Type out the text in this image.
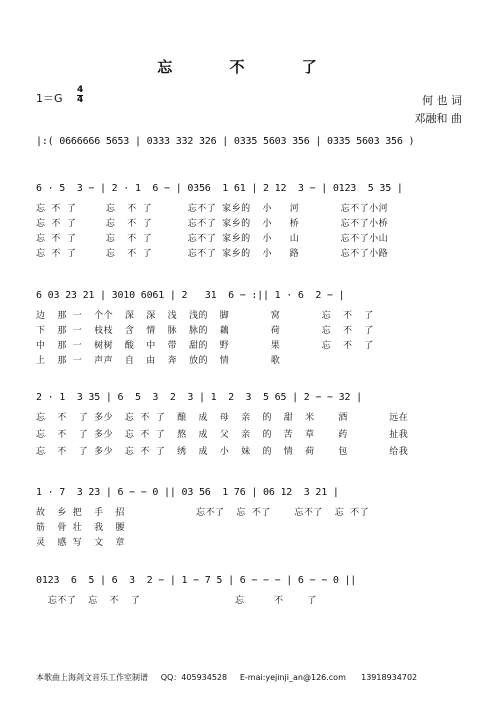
忘 不 了
1＝G
4
4	何 也 词
邓融和 曲
|:( 0666666 5653 | 0333 332 326 | 0335 5603 356 | 0335 5603 356 )
6 · 5  3 − | 2 · 1  6 − | 0356  1 61 | 2 12  3 − | 0123  5 35 |
忘 不 了     忘  不 了      忘不了 家乡的  小   河       忘不了小河
忘 不 了     忘  不 了      忘不了 家乡的  小   桥       忘不了小桥
忘 不 了     忘  不 了      忘不了 家乡的  小   山       忘不了小山
忘 不 了     忘  不 了      忘不了 家乡的  小   路       忘不了小路
6 03 23 21 | 3010 6061 | 2   31  6 − :|| 1 · 6  2 − |
边  那 一  个个  深  深  浅  浅的  脚       窝       忘  不  了
下  那 一  枝枝  含  情  脉  脉的  藕       荷       忘  不  了
中  那 一  树树  酸  中  带  甜的  野       果       忘  不  了
上  那 一  声声  自  由  奔  放的  情       歌
2 · 1  3 35 | 6  5  3  2  3 | 1  2  3  5 65 | 2 − − 32 |
忘  不  了 多少  忘 不 了  酿  成  母  亲  的  甜  米    酒       远在
忘  不  了 多少  忘 不 了  熬  成  父  亲  的  苦  草    药       扯我
忘  不  了 多少  忘 不 了  绣  成  小  妹  的  情  荷    包       给我
1 · 7  3 23 | 6 − − 0 || 03 56  1 76 | 06 12  3 21 |
故  乡 把  手  招            忘不了  忘 不了    忘不了  忘 不了
筋  骨 壮  我  腰
灵  感 写  文  章
0123  6  5 | 6  3  2 − | 1 − 7 5 | 6 − − − | 6 − − 0 ||
忘不了  忘  不  了                忘     不    了
本歌曲上海剑文音乐工作室制谱     QQ：405934528     E-mai:yejinji_an@126.com      13918934702
